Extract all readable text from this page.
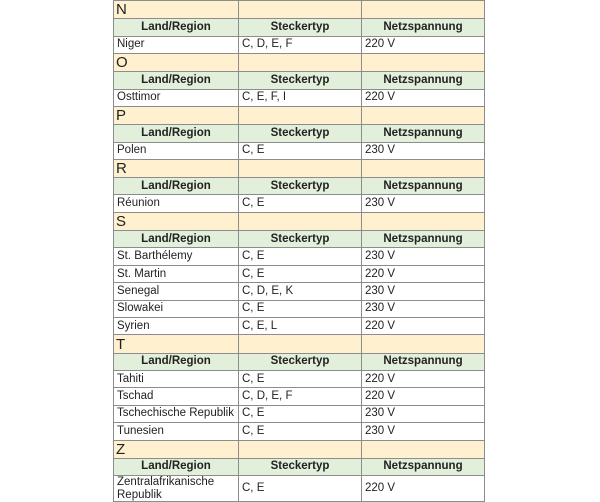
N		
Land/Region	Steckertyp	Netzspannung
Niger	C, D, E, F	220 V
O		
Land/Region	Steckertyp	Netzspannung
Osttimor	C, E, F, I	220 V
P		
Land/Region	Steckertyp	Netzspannung
Polen	C, E	230 V
R		
Land/Region	Steckertyp	Netzspannung
Réunion	C, E	230 V
S		
Land/Region	Steckertyp	Netzspannung
St. Barthélemy	C, E	230 V
St. Martin	C, E	220 V
Senegal	C, D, E, K	230 V
Slowakei	C, E	230 V
Syrien	C, E, L	220 V
T		
Land/Region	Steckertyp	Netzspannung
Tahiti	C, E	220 V
Tschad	C, D, E, F	220 V
Tschechische Republik	C, E	230 V
Tunesien	C, E	230 V
Z		
Land/Region	Steckertyp	Netzspannung
Zentralafrikanische Republik	C, E	220 V
